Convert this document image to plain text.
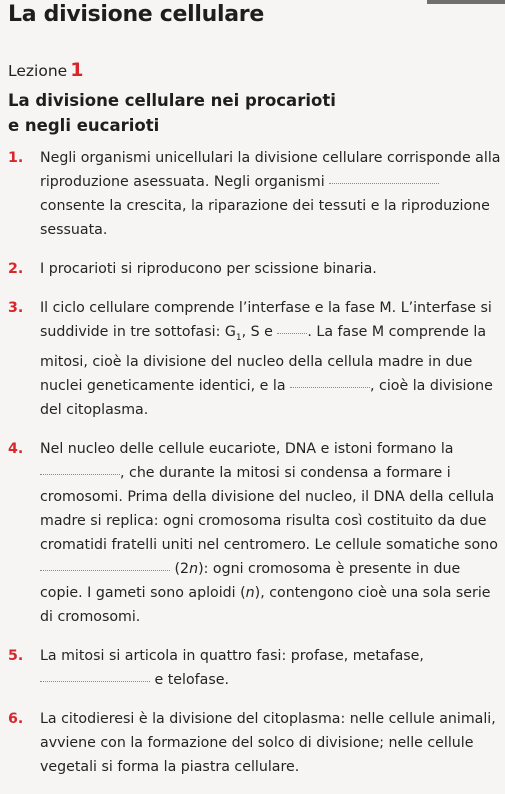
La divisione cellulare
Lezione 1
La divisione cellulare nei procarioti
e negli eucarioti
1. Negli organismi unicellulari la divisione cellulare corrisponde alla riproduzione asessuata. Negli organismi  consente la crescita, la riparazione dei tessuti e la riproduzione sessuata.
2. I procarioti si riproducono per scissione binaria.
3. Il ciclo cellulare comprende l’interfase e la fase M. L’interfase si suddivide in tre sottofasi: $G_1$, S e . La fase M comprende la mitosi, cioè la divisione del nucleo della cellula madre in due nuclei geneticamente identici, e la	, cioè la divisione del citoplasma.
4. Nel nucleo delle cellule eucariote, DNA e istoni formano la , che durante la mitosi si condensa a formare i cromosomi. Prima della divisione del nucleo, il DNA della cellula madre si replica: ogni cromosoma risulta così costituito da due cromatidi fratelli uniti nel centromero. Le cellule somatiche sono  (2n): ogni cromosoma è presente in due copie. I gameti sono aploidi (n), contengono cioè una sola serie di cromosomi.
5. La mitosi si articola in quattro fasi: profase, metafase,  e telofase.
6. La citodieresi è la divisione del citoplasma: nelle cellule animali, avviene con la formazione del solco di divisione; nelle cellule vegetali si forma la piastra cellulare.
